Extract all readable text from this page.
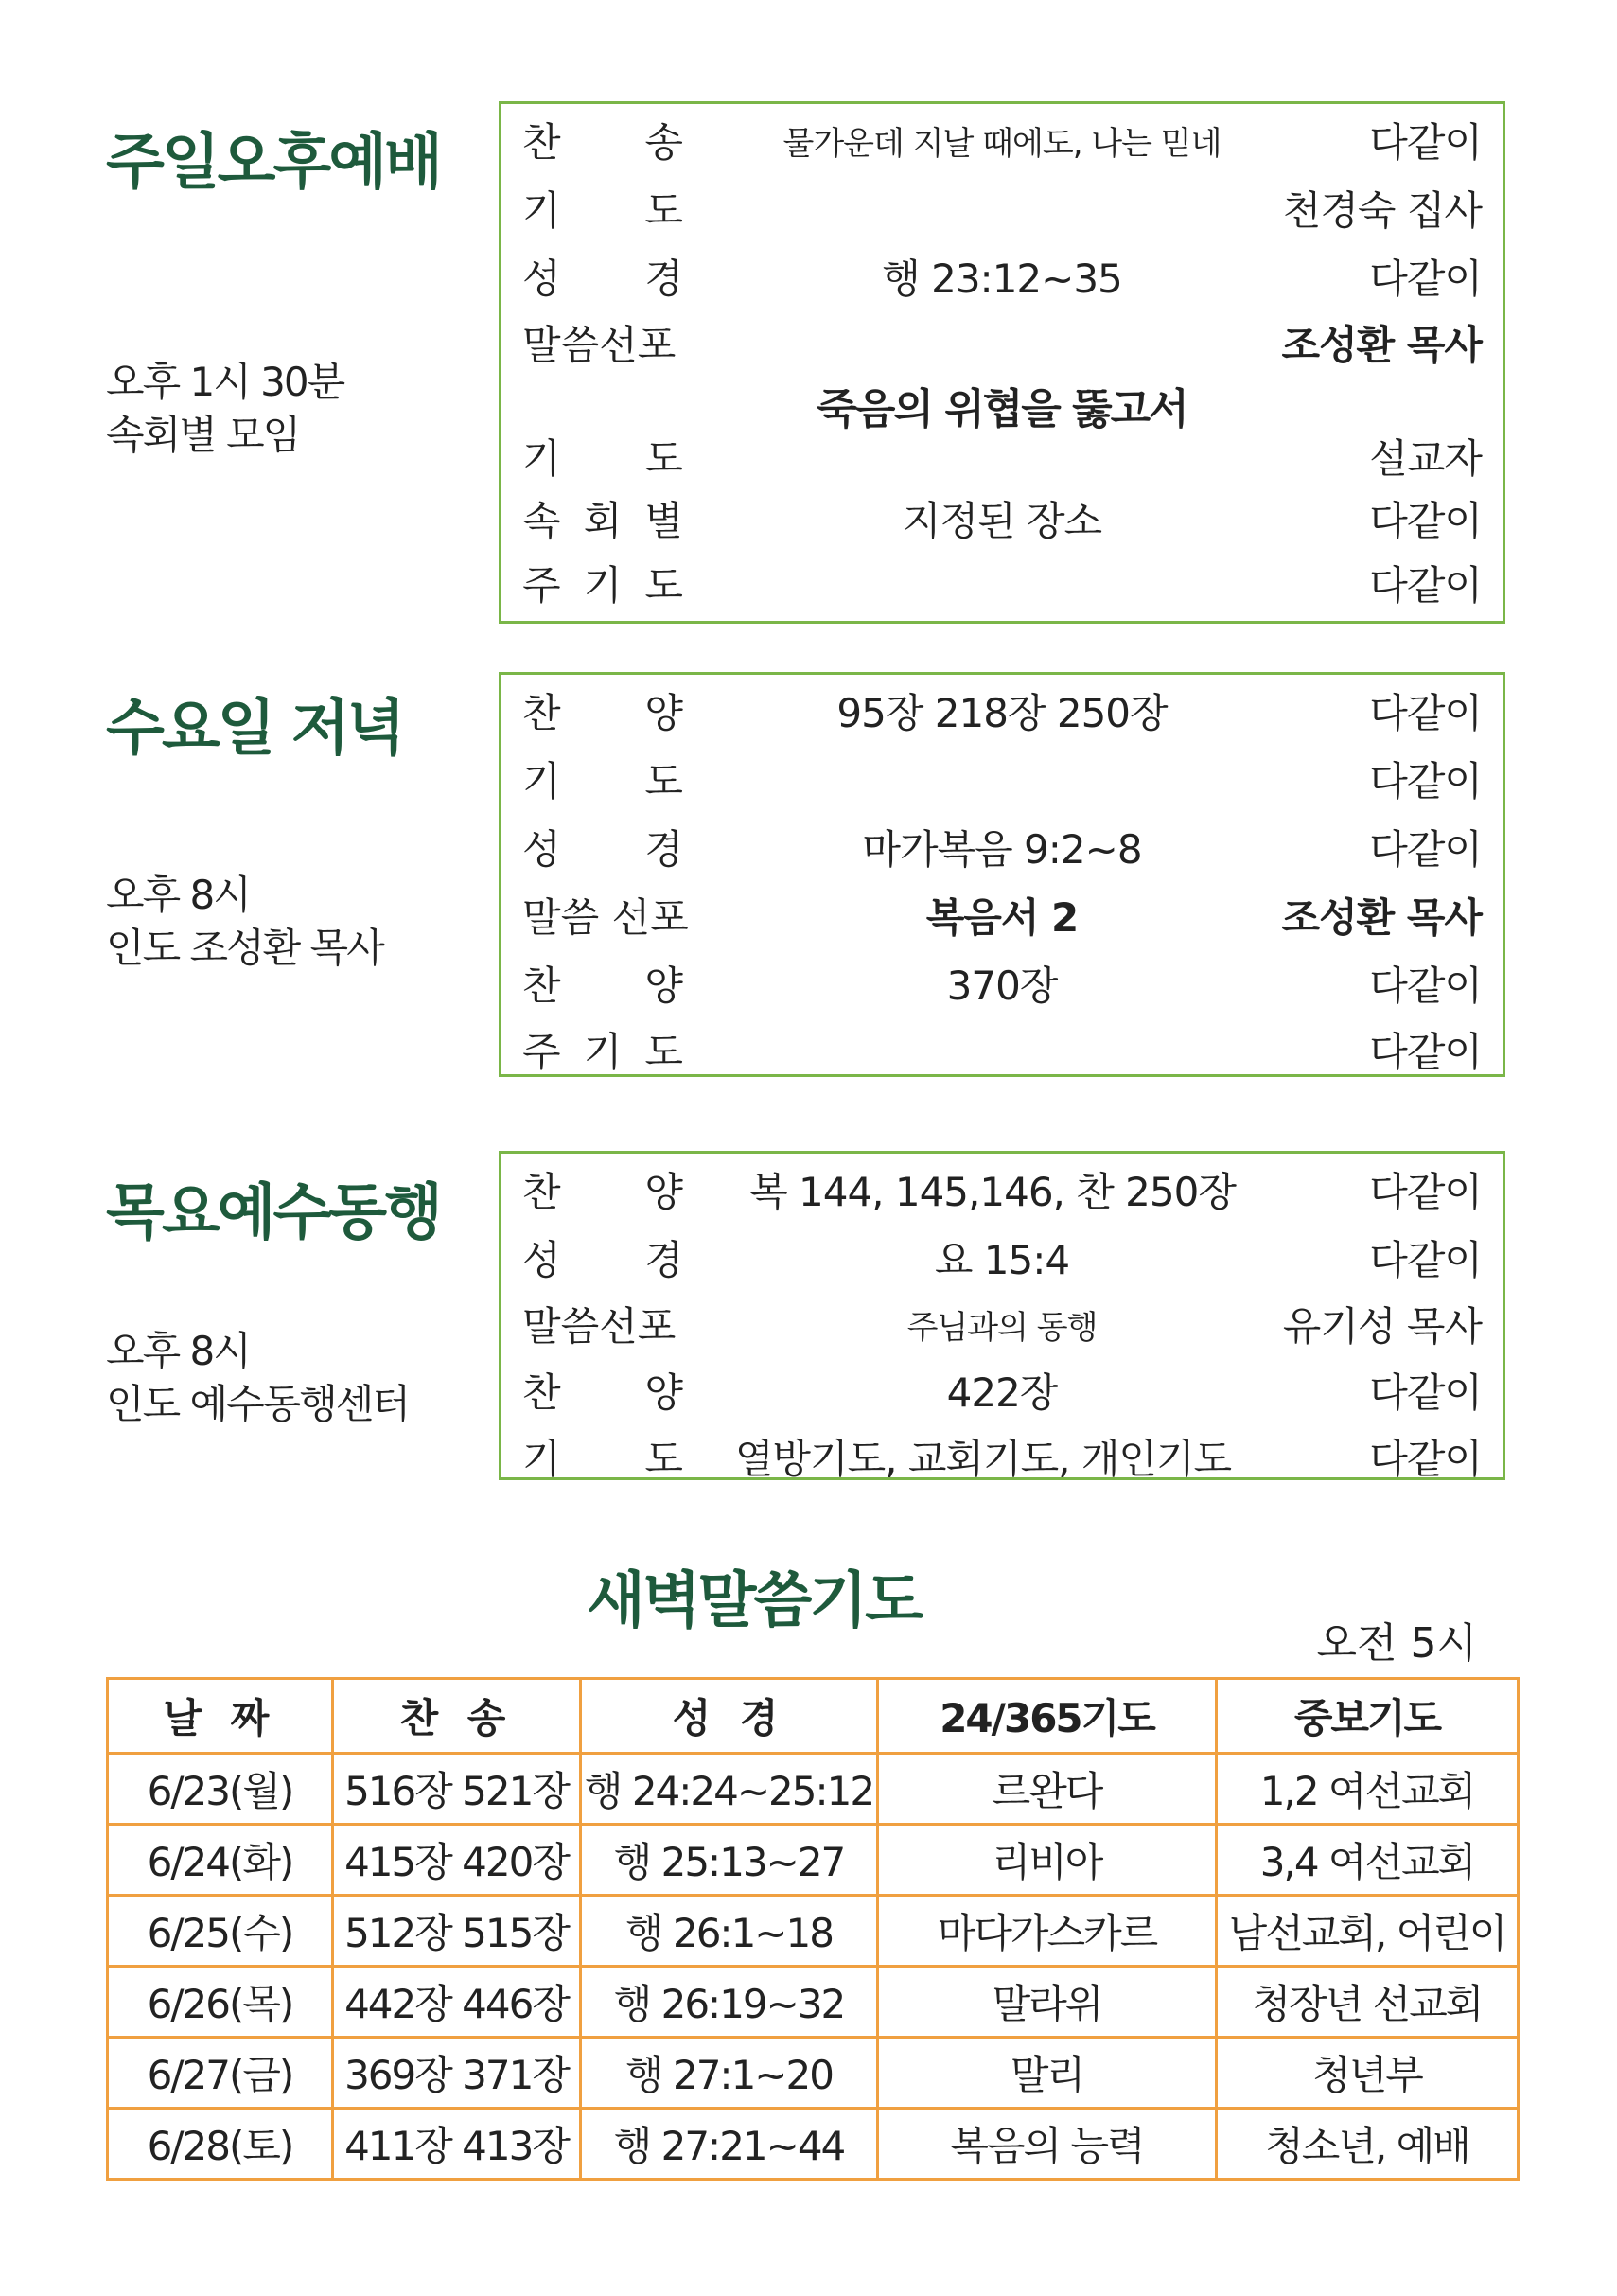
주일오후예배
오후 1시 30분
속회별 모임
찬 송	물가운데 지날 때에도, 나는 믿네	다같이
기 도	천경숙 집사
성 경	행 23:12~35	다같이
말씀선포	조성환 목사
죽음의 위협을 뚫고서
기 도	설교자
속 회 별	지정된 장소	다같이
주 기 도	다같이
수요일 저녁
오후 8시
인도 조성환 목사
찬 양	95장 218장 250장	다같이
기 도	다같이
성 경	마가복음 9:2~8	다같이
말씀 선포	복음서 2	조성환 목사
찬 양	370장	다같이
주 기 도	다같이
목요예수동행
오후 8시
인도 예수동행센터
찬 양	복 144, 145,146, 찬 250장	다같이
성 경	요 15:4	다같이
말씀선포	주님과의 동행	유기성 목사
찬 양	422장	다같이
기 도	열방기도, 교회기도, 개인기도	다같이
새벽말씀기도
오전 5시
날 짜	찬 송	성 경	24/365기도	중보기도
6/23(월)	516장 521장	행 24:24~25:12	르완다	1,2 여선교회
6/24(화)	415장 420장	행 25:13~27	리비아	3,4 여선교회
6/25(수)	512장 515장	행 26:1~18	마다가스카르	남선교회, 어린이
6/26(목)	442장 446장	행 26:19~32	말라위	청장년 선교회
6/27(금)	369장 371장	행 27:1~20	말리	청년부
6/28(토)	411장 413장	행 27:21~44	복음의 능력	청소년, 예배
